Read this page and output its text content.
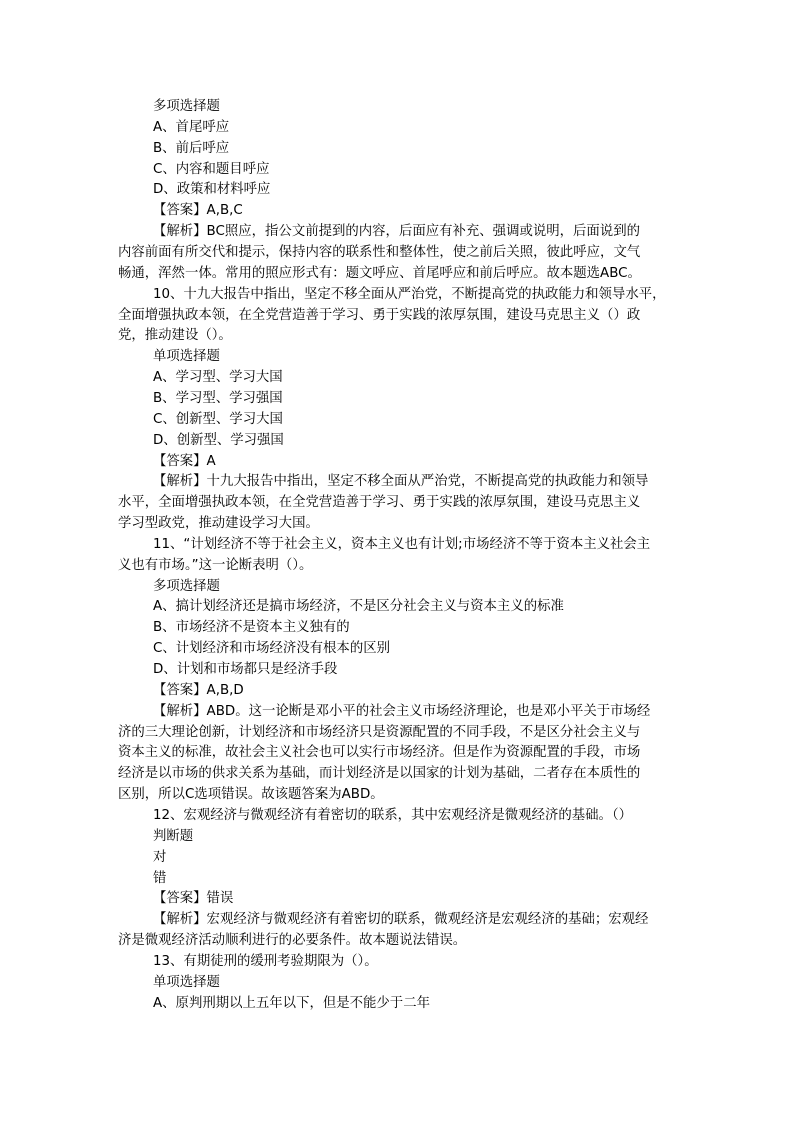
多项选择题
A、首尾呼应
B、前后呼应
C、内容和题目呼应
D、政策和材料呼应
【答案】A,B,C
【解析】BC照应，指公文前提到的内容，后面应有补充、强调或说明，后面说到的
内容前面有所交代和提示，保持内容的联系性和整体性，使之前后关照，彼此呼应，文气
畅通，浑然一体。常用的照应形式有：题文呼应、首尾呼应和前后呼应。故本题选ABC。
10、十九大报告中指出，坚定不移全面从严治党，不断提高党的执政能力和领导水平，
全面增强执政本领，在全党营造善于学习、勇于实践的浓厚氛围，建设马克思主义（）政
党，推动建设（）。
单项选择题
A、学习型、学习大国
B、学习型、学习强国
C、创新型、学习大国
D、创新型、学习强国
【答案】A
【解析】十九大报告中指出，坚定不移全面从严治党，不断提高党的执政能力和领导
水平，全面增强执政本领，在全党营造善于学习、勇于实践的浓厚氛围，建设马克思主义
学习型政党，推动建设学习大国。
11、“计划经济不等于社会主义，资本主义也有计划;市场经济不等于资本主义社会主
义也有市场。”这一论断表明（）。
多项选择题
A、搞计划经济还是搞市场经济，不是区分社会主义与资本主义的标准
B、市场经济不是资本主义独有的
C、计划经济和市场经济没有根本的区别
D、计划和市场都只是经济手段
【答案】A,B,D
【解析】ABD。这一论断是邓小平的社会主义市场经济理论，也是邓小平关于市场经
济的三大理论创新，计划经济和市场经济只是资源配置的不同手段，不是区分社会主义与
资本主义的标准，故社会主义社会也可以实行市场经济。但是作为资源配置的手段，市场
经济是以市场的供求关系为基础，而计划经济是以国家的计划为基础，二者存在本质性的
区别，所以C选项错误。故该题答案为ABD。
12、宏观经济与微观经济有着密切的联系，其中宏观经济是微观经济的基础。（）
判断题
对
错
【答案】错误
【解析】宏观经济与微观经济有着密切的联系，微观经济是宏观经济的基础；宏观经
济是微观经济活动顺利进行的必要条件。故本题说法错误。
13、有期徒刑的缓刑考验期限为（）。
单项选择题
A、原判刑期以上五年以下，但是不能少于二年
